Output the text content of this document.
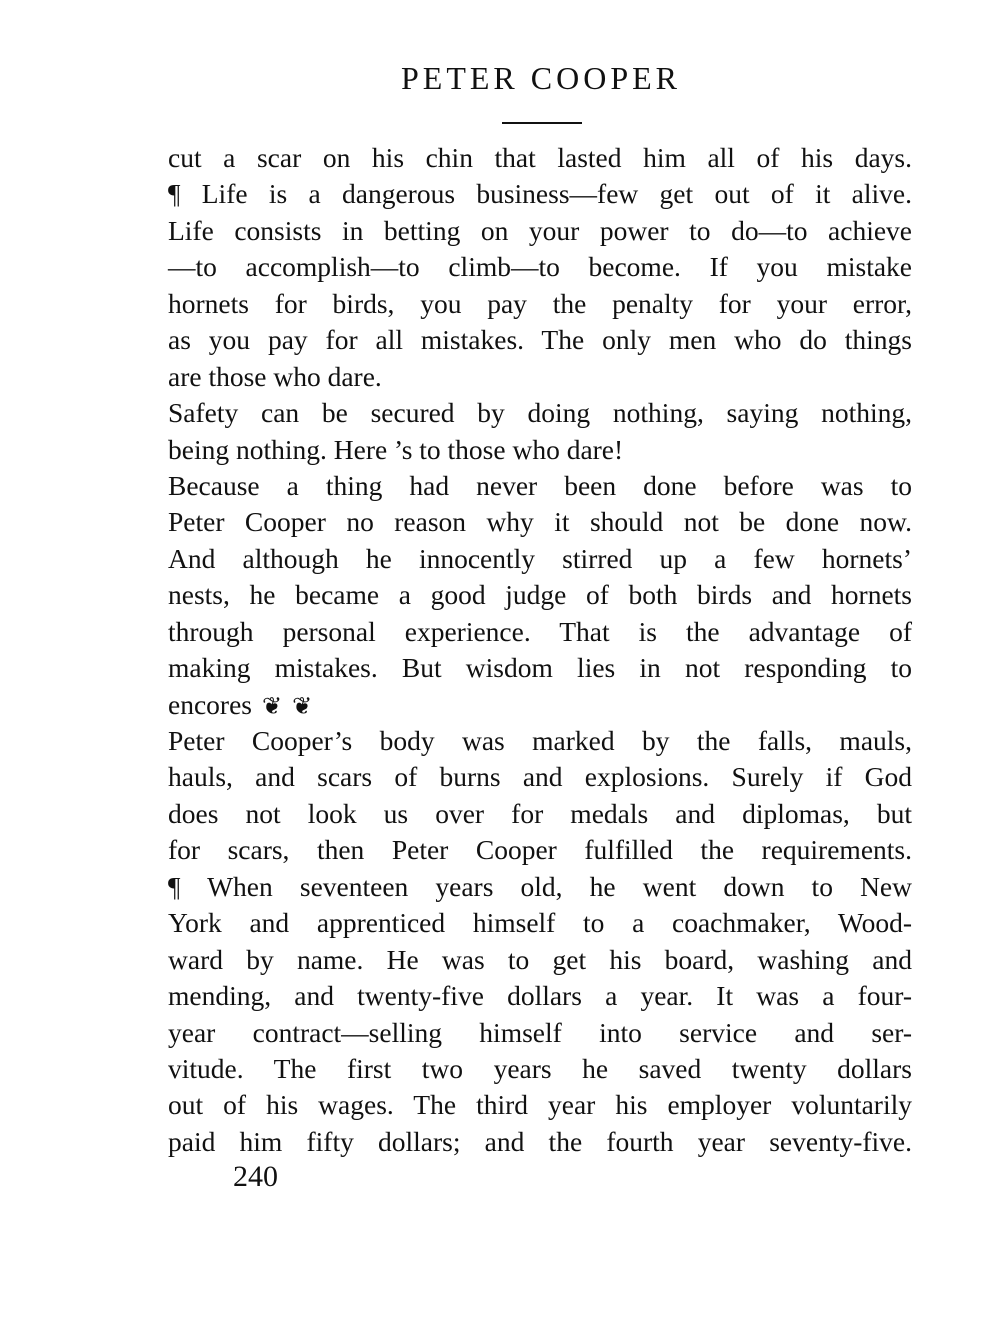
PETER COOPER
cut a scar on his chin that lasted him all of his days.
¶ Life is a dangerous business—few get out of it alive.
Life consists in betting on your power to do—to achieve
—to accomplish—to climb—to become. If you mistake
hornets for birds, you pay the penalty for your error,
as you pay for all mistakes. The only men who do things
are those who dare.
Safety can be secured by doing nothing, saying nothing,
being nothing. Here ’s to those who dare!
Because a thing had never been done before was to
Peter Cooper no reason why it should not be done now.
And although he innocently stirred up a few hornets’
nests, he became a good judge of both birds and hornets
through personal experience. That is the advantage of
making mistakes. But wisdom lies in not responding to
encores ❦ ❦
Peter Cooper’s body was marked by the falls, mauls,
hauls, and scars of burns and explosions. Surely if God
does not look us over for medals and diplomas, but
for scars, then Peter Cooper fulfilled the requirements.
¶ When seventeen years old, he went down to New
York and apprenticed himself to a coachmaker, Wood-
ward by name. He was to get his board, washing and
mending, and twenty-five dollars a year. It was a four-
year contract—selling himself into service and ser-
vitude. The first two years he saved twenty dollars
out of his wages. The third year his employer voluntarily
paid him fifty dollars; and the fourth year seventy-five.
240
